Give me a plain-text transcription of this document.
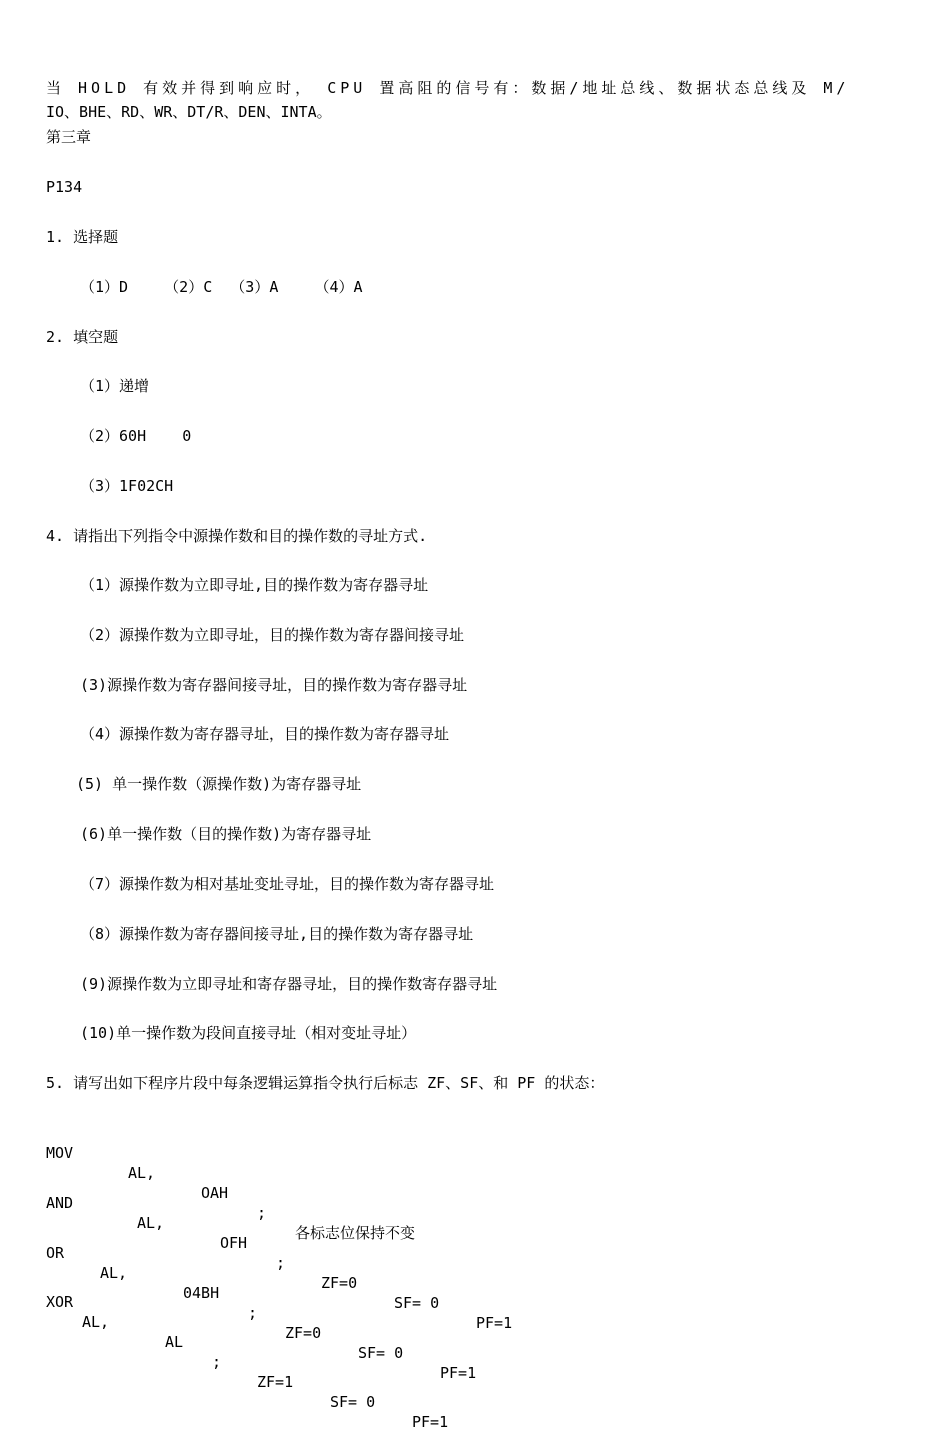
当 HOLD 有效并得到响应时， CPU 置高阻的信号有：数据/地址总线、数据状态总线及 M/
IO、BHE、RD、WR、DT/R、DEN、INTA。
第三章
P134
1. 选择题
（1）D    （2）C  （3）A    （4）A
2. 填空题
（1）递增
（2）60H    0
（3）1F02CH
4. 请指出下列指令中源操作数和目的操作数的寻址方式.
（1）源操作数为立即寻址,目的操作数为寄存器寻址
（2）源操作数为立即寻址，目的操作数为寄存器间接寻址
(3)源操作数为寄存器间接寻址，目的操作数为寄存器寻址
（4）源操作数为寄存器寻址，目的操作数为寄存器寻址
(5) 单一操作数（源操作数)为寄存器寻址
(6)单一操作数（目的操作数)为寄存器寻址
（7）源操作数为相对基址变址寻址，目的操作数为寄存器寻址
（8）源操作数为寄存器间接寻址,目的操作数为寄存器寻址
(9)源操作数为立即寻址和寄存器寻址，目的操作数寄存器寻址
(10)单一操作数为段间直接寻址（相对变址寻址）
5. 请写出如下程序片段中每条逻辑运算指令执行后标志 ZF、SF、和 PF 的状态：

MOV

AL,

OAH

;

各标志位保持不变

AND

AL,

OFH

;

ZF=0

SF= 0

PF=1

OR

AL,

04BH

;

ZF=0

SF= 0

PF=1

XOR

AL,

AL

;

ZF=1

SF= 0

PF=1
